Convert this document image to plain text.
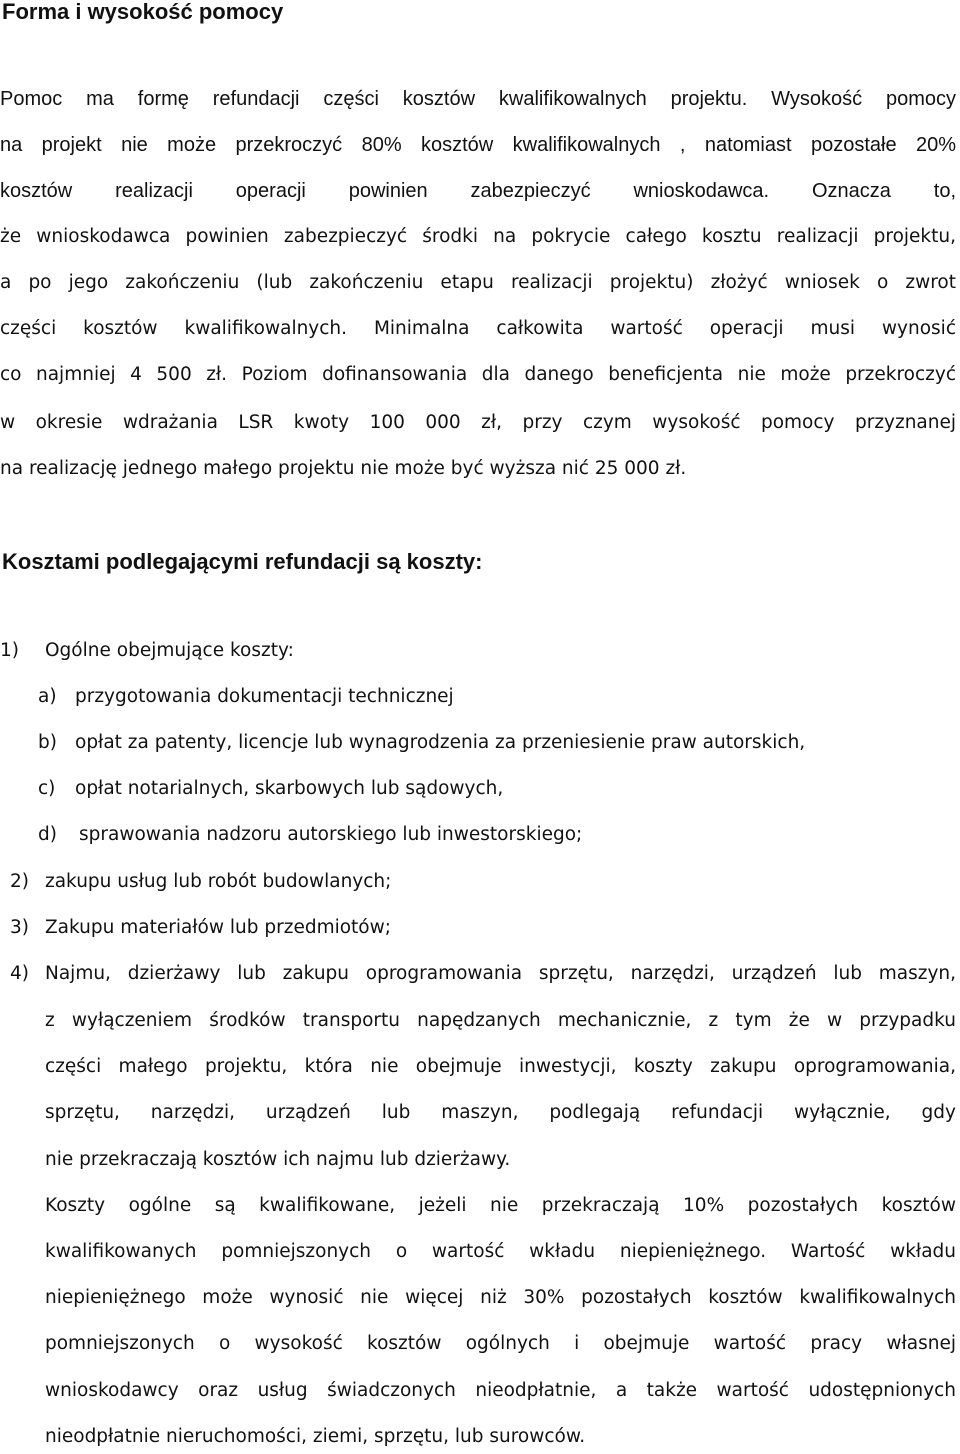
Forma i wysokość pomocy
Pomoc ma formę refundacji części kosztów kwalifikowalnych projektu. Wysokość pomocy
na projekt nie może przekroczyć 80% kosztów kwalifikowalnych , natomiast pozostałe 20%
kosztów realizacji operacji powinien zabezpieczyć wnioskodawca. Oznacza to,
że wnioskodawca powinien zabezpieczyć środki na pokrycie całego kosztu realizacji projektu,
a po jego zakończeniu (lub zakończeniu etapu realizacji projektu) złożyć wniosek o zwrot
części kosztów kwalifikowalnych. Minimalna całkowita wartość operacji musi wynosić
co najmniej 4 500 zł. Poziom dofinansowania dla danego beneficjenta nie może przekroczyć
w okresie wdrażania LSR kwoty 100 000 zł, przy czym wysokość pomocy przyznanej
na realizację jednego małego projektu nie może być wyższa nić 25 000 zł.
Kosztami podlegającymi refundacji są koszty:
1) Ogólne obejmujące koszty:
a) przygotowania dokumentacji technicznej
b) opłat za patenty, licencje lub wynagrodzenia za przeniesienie praw autorskich,
c) opłat notarialnych, skarbowych lub sądowych,
d) sprawowania nadzoru autorskiego lub inwestorskiego;
2) zakupu usług lub robót budowlanych;
3) Zakupu materiałów lub przedmiotów;
4) Najmu, dzierżawy lub zakupu oprogramowania sprzętu, narzędzi, urządzeń lub maszyn,
z wyłączeniem środków transportu napędzanych mechanicznie, z tym że w przypadku
części małego projektu, która nie obejmuje inwestycji, koszty zakupu oprogramowania,
sprzętu, narzędzi, urządzeń lub maszyn, podlegają refundacji wyłącznie, gdy
nie przekraczają kosztów ich najmu lub dzierżawy.
Koszty ogólne są kwalifikowane, jeżeli nie przekraczają 10% pozostałych kosztów
kwalifikowanych pomniejszonych o wartość wkładu niepieniężnego. Wartość wkładu
niepieniężnego może wynosić nie więcej niż 30% pozostałych kosztów kwalifikowalnych
pomniejszonych o wysokość kosztów ogólnych i obejmuje wartość pracy własnej
wnioskodawcy oraz usług świadczonych nieodpłatnie, a także wartość udostępnionych
nieodpłatnie nieruchomości, ziemi, sprzętu, lub surowców.
